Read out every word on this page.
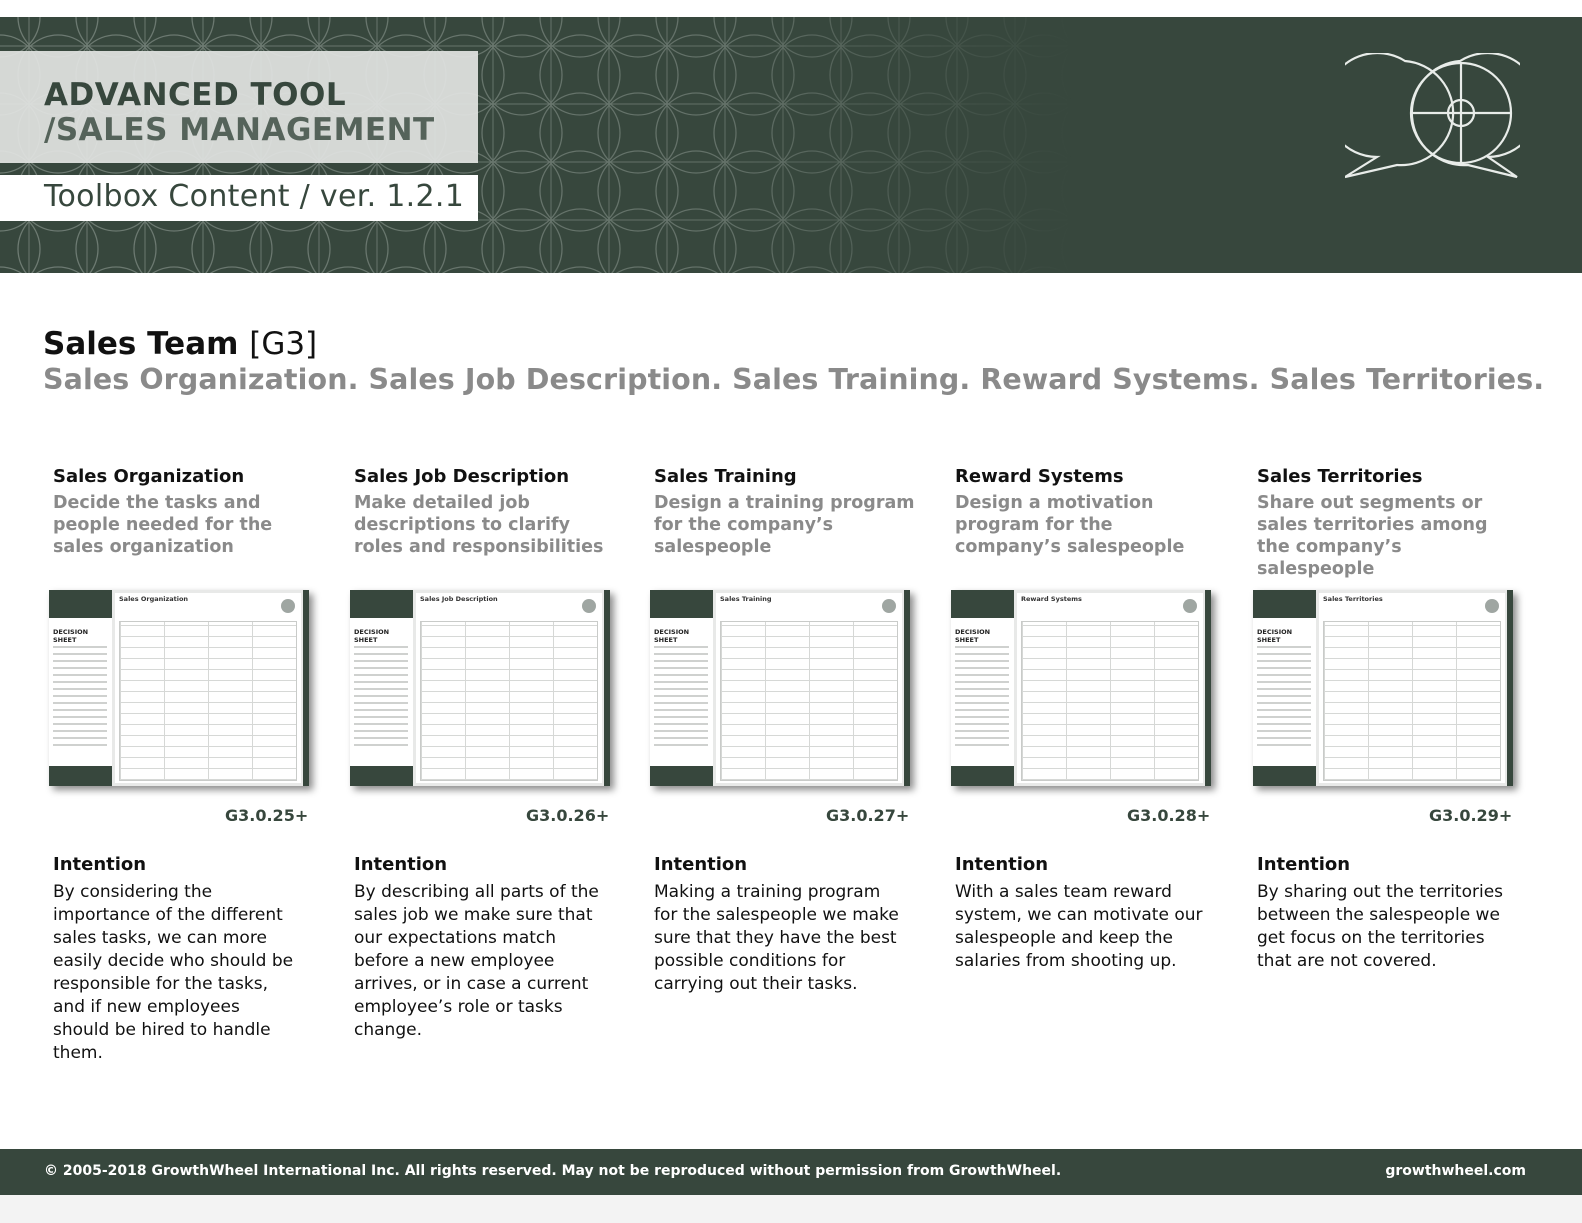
ADVANCED TOOL
/SALES MANAGEMENT
Toolbox Content / ver. 1.2.1
Sales Team [G3]
Sales Organization. Sales Job Description. Sales Training. Reward Systems. Sales Territories.
Sales Organization
Decide the tasks and people needed for the sales organization
DECISION SHEET
Sales Organization
G3.0.25+
Intention
By considering the importance of the different sales tasks, we can more easily decide who should be responsible for the tasks, and if new employees should be hired to handle them.
Sales Job Description
Make detailed job descriptions to clarify roles and responsibilities
DECISION SHEET
Sales Job Description
G3.0.26+
Intention
By describing all parts of the sales job we make sure that our expectations match before a new employee arrives, or in case a current employee’s role or tasks change.
Sales Training
Design a training program for the company’s salespeople
DECISION SHEET
Sales Training
G3.0.27+
Intention
Making a training program for the salespeople we make sure that they have the best possible conditions for carrying out their tasks.
Reward Systems
Design a motivation program for the company’s salespeople
DECISION SHEET
Reward Systems
G3.0.28+
Intention
With a sales team reward system, we can motivate our salespeople and keep the salaries from shooting up.
Sales Territories
Share out segments or sales territories among the company’s salespeople
DECISION SHEET
Sales Territories
G3.0.29+
Intention
By sharing out the territories between the salespeople we get focus on the territories that are not covered.
© 2005-2018 GrowthWheel International Inc. All rights reserved. May not be reproduced without permission from GrowthWheel.	growthwheel.com
